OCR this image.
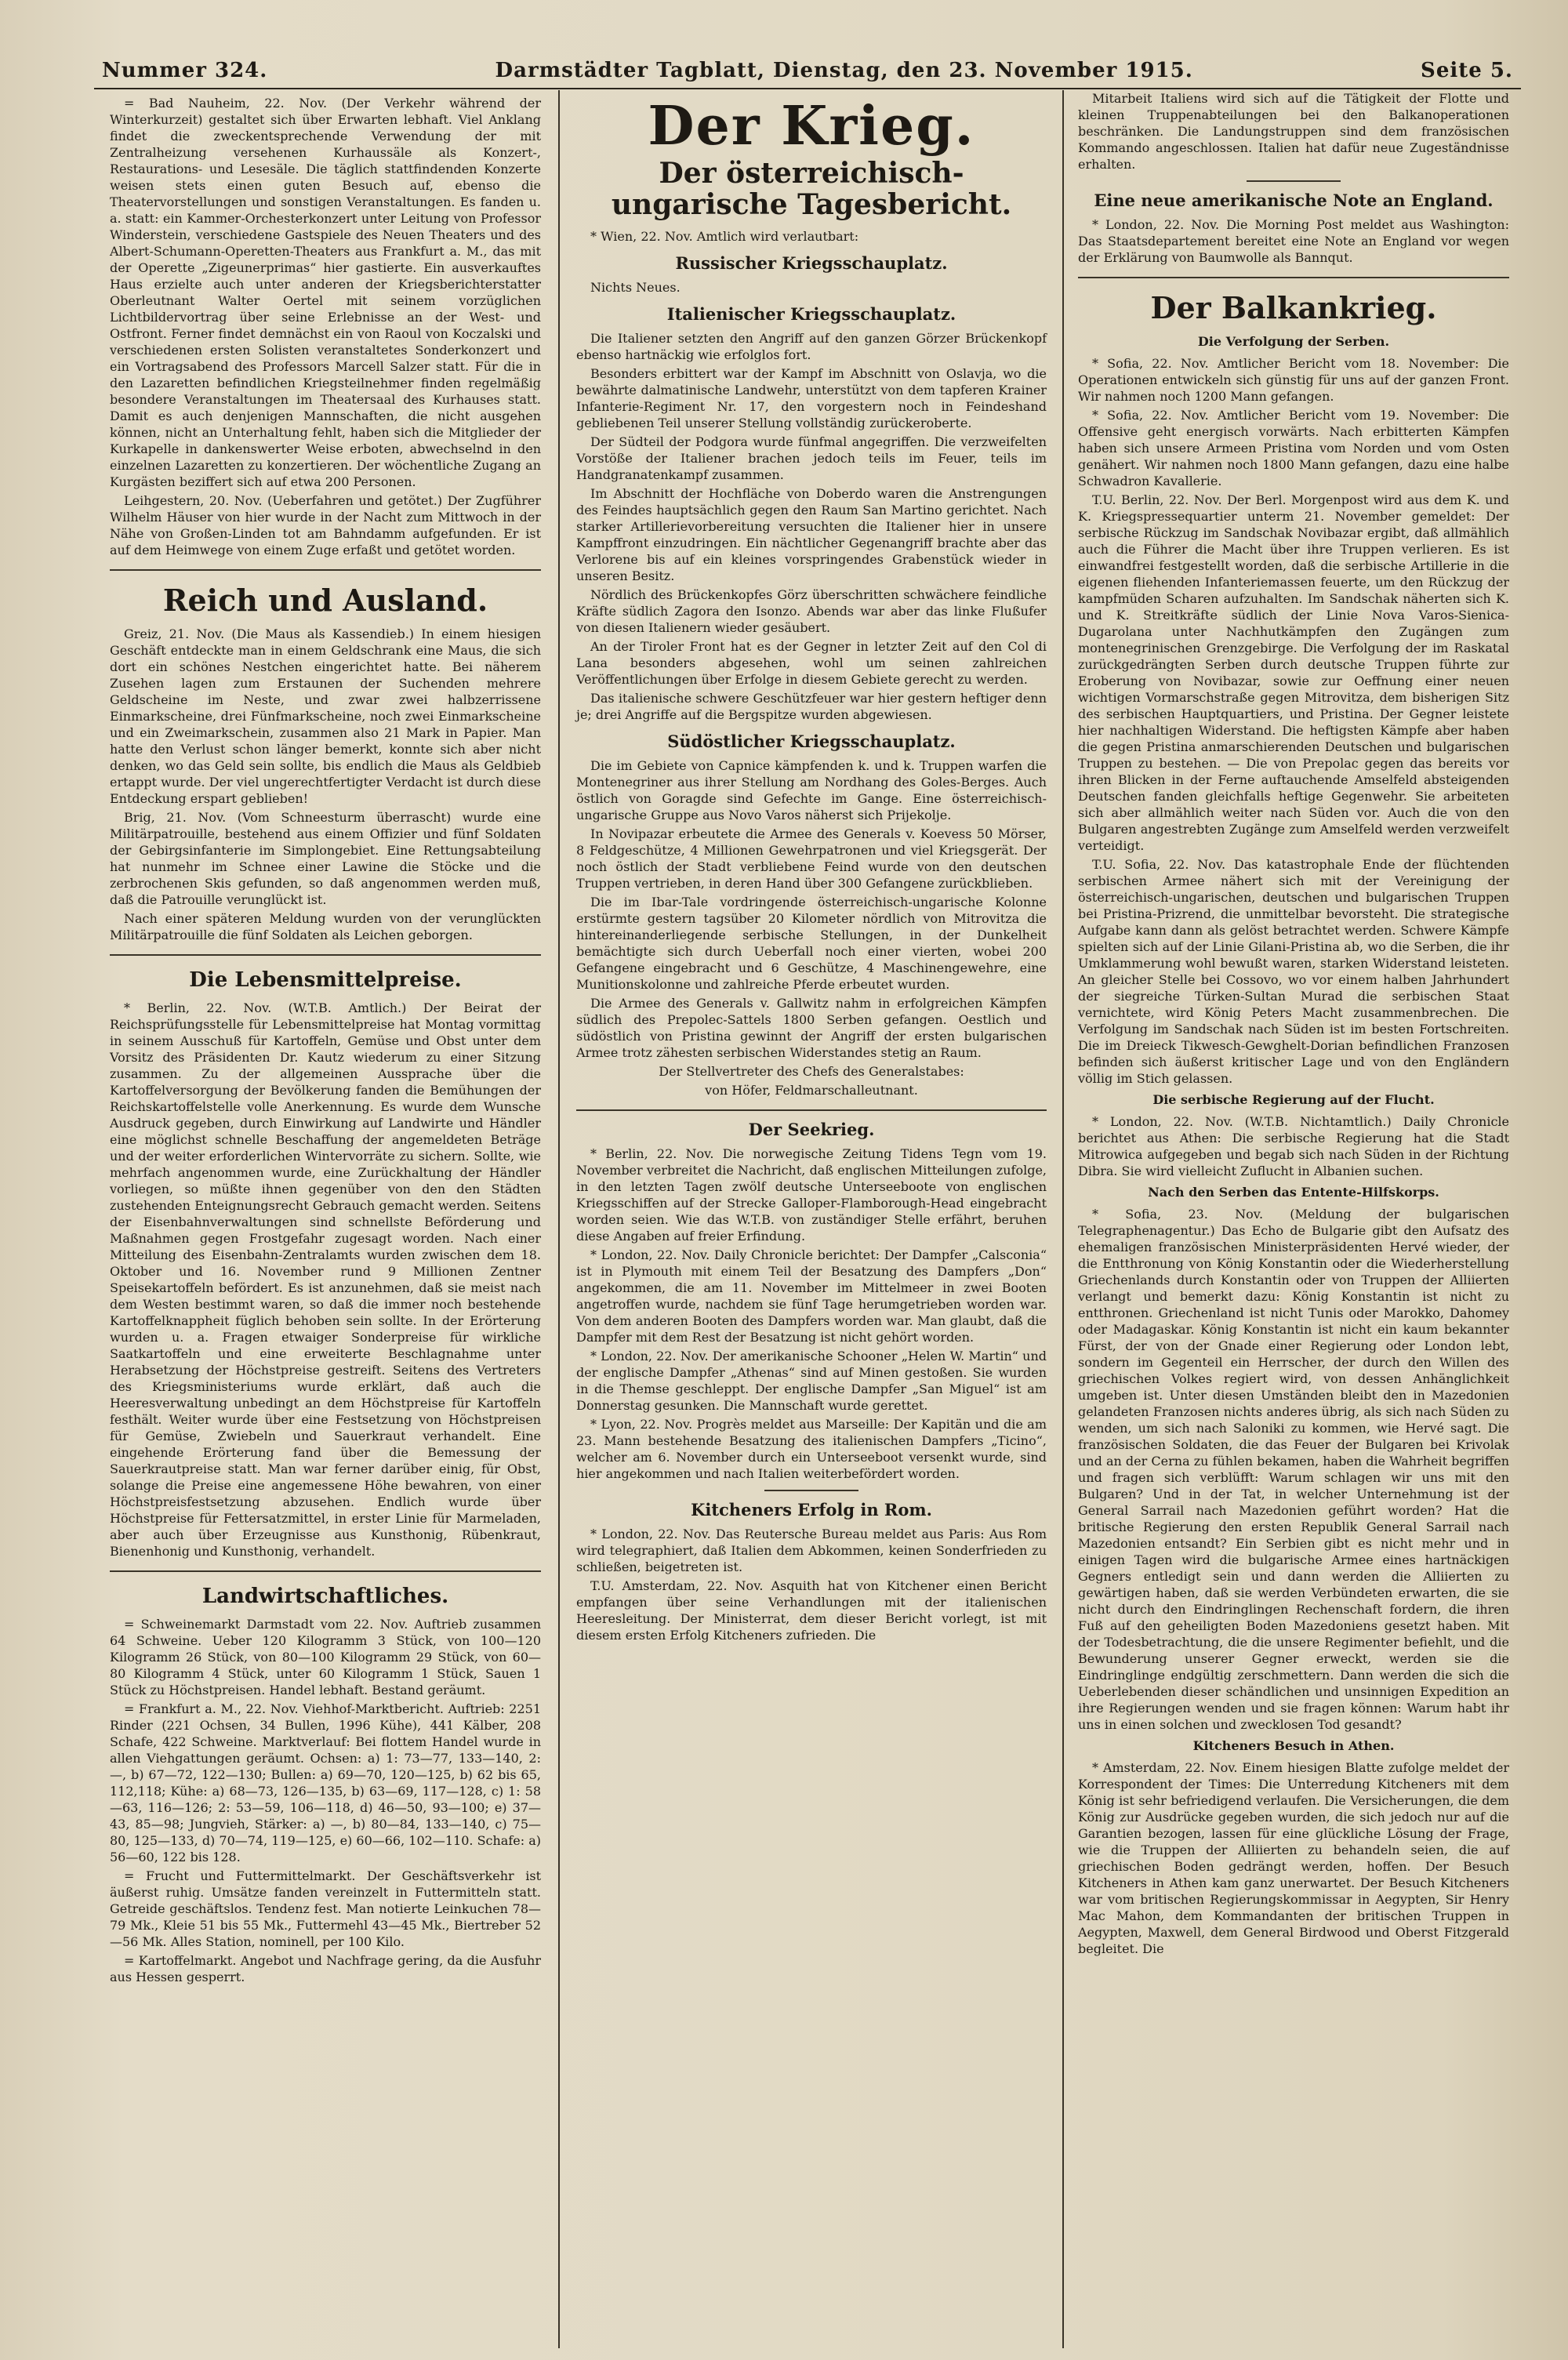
Nummer 324.	Darmstädter Tagblatt, Dienstag, den 23. November 1915.	Seite 5.

= Bad Nauheim, 22. Nov. (Der Verkehr während der Winterkurzeit) gestaltet sich über Erwarten lebhaft. Viel Anklang findet die zweckentsprechende Verwendung der mit Zentralheizung versehenen Kurhaussäle als Konzert-, Restaurations- und Lesesäle. Die täglich stattfindenden Konzerte weisen stets einen guten Besuch auf, ebenso die Theatervorstellungen und sonstigen Veranstaltungen. Es fanden u. a. statt: ein Kammer-Orchesterkonzert unter Leitung von Professor Winderstein, verschiedene Gastspiele des Neuen Theaters und des Albert-Schumann-Operetten-Theaters aus Frankfurt a. M., das mit der Operette „Zigeunerprimas“ hier gastierte. Ein ausverkauftes Haus erzielte auch unter anderen der Kriegsberichterstatter Oberleutnant Walter Oertel mit seinem vorzüglichen Lichtbildervortrag über seine Erlebnisse an der West- und Ostfront. Ferner findet demnächst ein von Raoul von Koczalski und verschiedenen ersten Solisten veranstaltetes Sonderkonzert und ein Vortragsabend des Professors Marcell Salzer statt. Für die in den Lazaretten befindlichen Kriegsteilnehmer finden regelmäßig besondere Veranstaltungen im Theatersaal des Kurhauses statt. Damit es auch denjenigen Mannschaften, die nicht ausgehen können, nicht an Unterhaltung fehlt, haben sich die Mitglieder der Kurkapelle in dankenswerter Weise erboten, abwechselnd in den einzelnen Lazaretten zu konzertieren. Der wöchentliche Zugang an Kurgästen beziffert sich auf etwa 200 Personen.

Leihgestern, 20. Nov. (Ueberfahren und getötet.) Der Zugführer Wilhelm Häuser von hier wurde in der Nacht zum Mittwoch in der Nähe von Großen-Linden tot am Bahndamm aufgefunden. Er ist auf dem Heimwege von einem Zuge erfaßt und getötet worden.

Reich und Ausland.

Greiz, 21. Nov. (Die Maus als Kassendieb.) In einem hiesigen Geschäft entdeckte man in einem Geldschrank eine Maus, die sich dort ein schönes Nestchen eingerichtet hatte. Bei näherem Zusehen lagen zum Erstaunen der Suchenden mehrere Geldscheine im Neste, und zwar zwei halbzerrissene Einmarkscheine, drei Fünfmarkscheine, noch zwei Einmarkscheine und ein Zweimarkschein, zusammen also 21 Mark in Papier. Man hatte den Verlust schon länger bemerkt, konnte sich aber nicht denken, wo das Geld sein sollte, bis endlich die Maus als Geldbieb ertappt wurde. Der viel ungerechtfertigter Verdacht ist durch diese Entdeckung erspart geblieben!

Brig, 21. Nov. (Vom Schneesturm überrascht) wurde eine Militärpatrouille, bestehend aus einem Offizier und fünf Soldaten der Gebirgsinfanterie im Simplongebiet. Eine Rettungsabteilung hat nunmehr im Schnee einer Lawine die Stöcke und die zerbrochenen Skis gefunden, so daß angenommen werden muß, daß die Patrouille verunglückt ist.

Nach einer späteren Meldung wurden von der verunglückten Militärpatrouille die fünf Soldaten als Leichen geborgen.

Die Lebensmittelpreise.

* Berlin, 22. Nov. (W.T.B. Amtlich.) Der Beirat der Reichsprüfungsstelle für Lebensmittelpreise hat Montag vormittag in seinem Ausschuß für Kartoffeln, Gemüse und Obst unter dem Vorsitz des Präsidenten Dr. Kautz wiederum zu einer Sitzung zusammen. Zu der allgemeinen Aussprache über die Kartoffelversorgung der Bevölkerung fanden die Bemühungen der Reichskartoffelstelle volle Anerkennung. Es wurde dem Wunsche Ausdruck gegeben, durch Einwirkung auf Landwirte und Händler eine möglichst schnelle Beschaffung der angemeldeten Beträge und der weiter erforderlichen Wintervorräte zu sichern. Sollte, wie mehrfach angenommen wurde, eine Zurückhaltung der Händler vorliegen, so müßte ihnen gegenüber von den den Städten zustehenden Enteignungsrecht Gebrauch gemacht werden. Seitens der Eisenbahnverwaltungen sind schnellste Beförderung und Maßnahmen gegen Frostgefahr zugesagt worden. Nach einer Mitteilung des Eisenbahn-Zentralamts wurden zwischen dem 18. Oktober und 16. November rund 9 Millionen Zentner Speisekartoffeln befördert. Es ist anzunehmen, daß sie meist nach dem Westen bestimmt waren, so daß die immer noch bestehende Kartoffelknappheit füglich behoben sein sollte. In der Erörterung wurden u. a. Fragen etwaiger Sonderpreise für wirkliche Saatkartoffeln und eine erweiterte Beschlagnahme unter Herabsetzung der Höchstpreise gestreift. Seitens des Vertreters des Kriegsministeriums wurde erklärt, daß auch die Heeresverwaltung unbedingt an dem Höchstpreise für Kartoffeln festhält. Weiter wurde über eine Festsetzung von Höchstpreisen für Gemüse, Zwiebeln und Sauerkraut verhandelt. Eine eingehende Erörterung fand über die Bemessung der Sauerkrautpreise statt. Man war ferner darüber einig, für Obst, solange die Preise eine angemessene Höhe bewahren, von einer Höchstpreisfestsetzung abzusehen. Endlich wurde über Höchstpreise für Fettersatzmittel, in erster Linie für Marmeladen, aber auch über Erzeugnisse aus Kunsthonig, Rübenkraut, Bienenhonig und Kunsthonig, verhandelt.

Landwirtschaftliches.

= Schweinemarkt Darmstadt vom 22. Nov. Auftrieb zusammen 64 Schweine. Ueber 120 Kilogramm 3 Stück, von 100—120 Kilogramm 26 Stück, von 80—100 Kilogramm 29 Stück, von 60—80 Kilogramm 4 Stück, unter 60 Kilogramm 1 Stück, Sauen 1 Stück zu Höchstpreisen. Handel lebhaft. Bestand geräumt.

= Frankfurt a. M., 22. Nov. Viehhof-Marktbericht. Auftrieb: 2251 Rinder (221 Ochsen, 34 Bullen, 1996 Kühe), 441 Kälber, 208 Schafe, 422 Schweine. Marktverlauf: Bei flottem Handel wurde in allen Viehgattungen geräumt. Ochsen: a) 1: 73—77, 133—140, 2: —, b) 67—72, 122—130; Bullen: a) 69—70, 120—125, b) 62 bis 65, 112,118; Kühe: a) 68—73, 126—135, b) 63—69, 117—128, c) 1: 58—63, 116—126; 2: 53—59, 106—118, d) 46—50, 93—100; e) 37—43, 85—98; Jungvieh, Stärker: a) —, b) 80—84, 133—140, c) 75—80, 125—133, d) 70—74, 119—125, e) 60—66, 102—110. Schafe: a) 56—60, 122 bis 128.

= Frucht und Futtermittelmarkt. Der Geschäftsverkehr ist äußerst ruhig. Umsätze fanden vereinzelt in Futtermitteln statt. Getreide geschäftslos. Tendenz fest. Man notierte Leinkuchen 78—79 Mk., Kleie 51 bis 55 Mk., Futtermehl 43—45 Mk., Biertreber 52—56 Mk. Alles Station, nominell, per 100 Kilo.

= Kartoffelmarkt. Angebot und Nachfrage gering, da die Ausfuhr aus Hessen gesperrt.

Der Krieg.
Der österreichisch-ungarische Tagesbericht.

* Wien, 22. Nov. Amtlich wird verlautbart:

Russischer Kriegsschauplatz.

Nichts Neues.

Italienischer Kriegsschauplatz.

Die Italiener setzten den Angriff auf den ganzen Görzer Brückenkopf ebenso hartnäckig wie erfolglos fort.

Besonders erbittert war der Kampf im Abschnitt von Oslavja, wo die bewährte dalmatinische Landwehr, unterstützt von dem tapferen Krainer Infanterie-Regiment Nr. 17, den vorgestern noch in Feindeshand gebliebenen Teil unserer Stellung vollständig zurückeroberte.

Der Südteil der Podgora wurde fünfmal angegriffen. Die verzweifelten Vorstöße der Italiener brachen jedoch teils im Feuer, teils im Handgranatenkampf zusammen.

Im Abschnitt der Hochfläche von Doberdo waren die Anstrengungen des Feindes hauptsächlich gegen den Raum San Martino gerichtet. Nach starker Artillerievorbereitung versuchten die Italiener hier in unsere Kampffront einzudringen. Ein nächtlicher Gegenangriff brachte aber das Verlorene bis auf ein kleines vorspringendes Grabenstück wieder in unseren Besitz.

Nördlich des Brückenkopfes Görz überschritten schwächere feindliche Kräfte südlich Zagora den Isonzo. Abends war aber das linke Flußufer von diesen Italienern wieder gesäubert.

An der Tiroler Front hat es der Gegner in letzter Zeit auf den Col di Lana besonders abgesehen, wohl um seinen zahlreichen Veröffentlichungen über Erfolge in diesem Gebiete gerecht zu werden.

Das italienische schwere Geschützfeuer war hier gestern heftiger denn je; drei Angriffe auf die Bergspitze wurden abgewiesen.

Südöstlicher Kriegsschauplatz.

Die im Gebiete von Capnice kämpfenden k. und k. Truppen warfen die Montenegriner aus ihrer Stellung am Nordhang des Goles-Berges. Auch östlich von Goragde sind Gefechte im Gange. Eine österreichisch-ungarische Gruppe aus Novo Varos näherst sich Prijekolje.

In Novipazar erbeutete die Armee des Generals v. Koevess 50 Mörser, 8 Feldgeschütze, 4 Millionen Gewehrpatronen und viel Kriegsgerät. Der noch östlich der Stadt verbliebene Feind wurde von den deutschen Truppen vertrieben, in deren Hand über 300 Gefangene zurückblieben.

Die im Ibar-Tale vordringende österreichisch-ungarische Kolonne erstürmte gestern tagsüber 20 Kilometer nördlich von Mitrovitza die hintereinanderliegende serbische Stellungen, in der Dunkelheit bemächtigte sich durch Ueberfall noch einer vierten, wobei 200 Gefangene eingebracht und 6 Geschütze, 4 Maschinengewehre, eine Munitionskolonne und zahlreiche Pferde erbeutet wurden.

Die Armee des Generals v. Gallwitz nahm in erfolgreichen Kämpfen südlich des Prepolec-Sattels 1800 Serben gefangen. Oestlich und südöstlich von Pristina gewinnt der Angriff der ersten bulgarischen Armee trotz zähesten serbischen Widerstandes stetig an Raum.

Der Stellvertreter des Chefs des Generalstabes:

von Höfer, Feldmarschalleutnant.

Der Seekrieg.

* Berlin, 22. Nov. Die norwegische Zeitung Tidens Tegn vom 19. November verbreitet die Nachricht, daß englischen Mitteilungen zufolge, in den letzten Tagen zwölf deutsche Unterseeboote von englischen Kriegsschiffen auf der Strecke Galloper-Flamborough-Head eingebracht worden seien. Wie das W.T.B. von zuständiger Stelle erfährt, beruhen diese Angaben auf freier Erfindung.

* London, 22. Nov. Daily Chronicle berichtet: Der Dampfer „Calsconia“ ist in Plymouth mit einem Teil der Besatzung des Dampfers „Don“ angekommen, die am 11. November im Mittelmeer in zwei Booten angetroffen wurde, nachdem sie fünf Tage herumgetrieben worden war. Von dem anderen Booten des Dampfers worden war. Man glaubt, daß die Dampfer mit dem Rest der Besatzung ist nicht gehört worden.

* London, 22. Nov. Der amerikanische Schooner „Helen W. Martin“ und der englische Dampfer „Athenas“ sind auf Minen gestoßen. Sie wurden in die Themse geschleppt. Der englische Dampfer „San Miguel“ ist am Donnerstag gesunken. Die Mannschaft wurde gerettet.

* Lyon, 22. Nov. Progrès meldet aus Marseille: Der Kapitän und die am 23. Mann bestehende Besatzung des italienischen Dampfers „Ticino“, welcher am 6. November durch ein Unterseeboot versenkt wurde, sind hier angekommen und nach Italien weiterbefördert worden.

Kitcheners Erfolg in Rom.

* London, 22. Nov. Das Reutersche Bureau meldet aus Paris: Aus Rom wird telegraphiert, daß Italien dem Abkommen, keinen Sonderfrieden zu schließen, beigetreten ist.

T.U. Amsterdam, 22. Nov. Asquith hat von Kitchener einen Bericht empfangen über seine Verhandlungen mit der italienischen Heeresleitung. Der Ministerrat, dem dieser Bericht vorlegt, ist mit diesem ersten Erfolg Kitcheners zufrieden. Die

Mitarbeit Italiens wird sich auf die Tätigkeit der Flotte und kleinen Truppenabteilungen bei den Balkanoperationen beschränken. Die Landungstruppen sind dem französischen Kommando angeschlossen. Italien hat dafür neue Zugeständnisse erhalten.

Eine neue amerikanische Note an England.

* London, 22. Nov. Die Morning Post meldet aus Washington: Das Staatsdepartement bereitet eine Note an England vor wegen der Erklärung von Baumwolle als Bannqut.

Der Balkankrieg.
Die Verfolgung der Serben.

* Sofia, 22. Nov. Amtlicher Bericht vom 18. November: Die Operationen entwickeln sich günstig für uns auf der ganzen Front. Wir nahmen noch 1200 Mann gefangen.

* Sofia, 22. Nov. Amtlicher Bericht vom 19. November: Die Offensive geht energisch vorwärts. Nach erbitterten Kämpfen haben sich unsere Armeen Pristina vom Norden und vom Osten genähert. Wir nahmen noch 1800 Mann gefangen, dazu eine halbe Schwadron Kavallerie.

T.U. Berlin, 22. Nov. Der Berl. Morgenpost wird aus dem K. und K. Kriegspressequartier unterm 21. November gemeldet: Der serbische Rückzug im Sandschak Novibazar ergibt, daß allmählich auch die Führer die Macht über ihre Truppen verlieren. Es ist einwandfrei festgestellt worden, daß die serbische Artillerie in die eigenen fliehenden Infanteriemassen feuerte, um den Rückzug der kampfmüden Scharen aufzuhalten. Im Sandschak näherten sich K. und K. Streitkräfte südlich der Linie Nova Varos-Sienica-Dugarolana unter Nachhutkämpfen den Zugängen zum montenegrinischen Grenzgebirge. Die Verfolgung der im Raskatal zurückgedrängten Serben durch deutsche Truppen führte zur Eroberung von Novibazar, sowie zur Oeffnung einer neuen wichtigen Vormarschstraße gegen Mitrovitza, dem bisherigen Sitz des serbischen Hauptquartiers, und Pristina. Der Gegner leistete hier nachhaltigen Widerstand. Die heftigsten Kämpfe aber haben die gegen Pristina anmarschierenden Deutschen und bulgarischen Truppen zu bestehen. — Die von Prepolac gegen das bereits vor ihren Blicken in der Ferne auftauchende Amselfeld absteigenden Deutschen fanden gleichfalls heftige Gegenwehr. Sie arbeiteten sich aber allmählich weiter nach Süden vor. Auch die von den Bulgaren angestrebten Zugänge zum Amselfeld werden verzweifelt verteidigt.

T.U. Sofia, 22. Nov. Das katastrophale Ende der flüchtenden serbischen Armee nähert sich mit der Vereinigung der österreichisch-ungarischen, deutschen und bulgarischen Truppen bei Pristina-Prizrend, die unmittelbar bevorsteht. Die strategische Aufgabe kann dann als gelöst betrachtet werden. Schwere Kämpfe spielten sich auf der Linie Gilani-Pristina ab, wo die Serben, die ihr Umklammerung wohl bewußt waren, starken Widerstand leisteten. An gleicher Stelle bei Cossovo, wo vor einem halben Jahrhundert der siegreiche Türken-Sultan Murad die serbischen Staat vernichtete, wird König Peters Macht zusammenbrechen. Die Verfolgung im Sandschak nach Süden ist im besten Fortschreiten. Die im Dreieck Tikwesch-Gewghelt-Dorian befindlichen Franzosen befinden sich äußerst kritischer Lage und von den Engländern völlig im Stich gelassen.

Die serbische Regierung auf der Flucht.

* London, 22. Nov. (W.T.B. Nichtamtlich.) Daily Chronicle berichtet aus Athen: Die serbische Regierung hat die Stadt Mitrowica aufgegeben und begab sich nach Süden in der Richtung Dibra. Sie wird vielleicht Zuflucht in Albanien suchen.

Nach den Serben das Entente-Hilfskorps.

* Sofia, 23. Nov. (Meldung der bulgarischen Telegraphenagentur.) Das Echo de Bulgarie gibt den Aufsatz des ehemaligen französischen Ministerpräsidenten Hervé wieder, der die Entthronung von König Konstantin oder die Wiederherstellung Griechenlands durch Konstantin oder von Truppen der Alliierten verlangt und bemerkt dazu: König Konstantin ist nicht zu entthronen. Griechenland ist nicht Tunis oder Marokko, Dahomey oder Madagaskar. König Konstantin ist nicht ein kaum bekannter Fürst, der von der Gnade einer Regierung oder London lebt, sondern im Gegenteil ein Herrscher, der durch den Willen des griechischen Volkes regiert wird, von dessen Anhänglichkeit umgeben ist. Unter diesen Umständen bleibt den in Mazedonien gelandeten Franzosen nichts anderes übrig, als sich nach Süden zu wenden, um sich nach Saloniki zu kommen, wie Hervé sagt. Die französischen Soldaten, die das Feuer der Bulgaren bei Krivolak und an der Cerna zu fühlen bekamen, haben die Wahrheit begriffen und fragen sich verblüfft: Warum schlagen wir uns mit den Bulgaren? Und in der Tat, in welcher Unternehmung ist der General Sarrail nach Mazedonien geführt worden? Hat die britische Regierung den ersten Republik General Sarrail nach Mazedonien entsandt? Ein Serbien gibt es nicht mehr und in einigen Tagen wird die bulgarische Armee eines hartnäckigen Gegners entledigt sein und dann werden die Alliierten zu gewärtigen haben, daß sie werden Verbündeten erwarten, die sie nicht durch den Eindringlingen Rechenschaft fordern, die ihren Fuß auf den geheiligten Boden Mazedoniens gesetzt haben. Mit der Todesbetrachtung, die die unsere Regimenter befiehlt, und die Bewunderung unserer Gegner erweckt, werden sie die Eindringlinge endgültig zerschmettern. Dann werden die sich die Ueberlebenden dieser schändlichen und unsinnigen Expedition an ihre Regierungen wenden und sie fragen können: Warum habt ihr uns in einen solchen und zwecklosen Tod gesandt?

Kitcheners Besuch in Athen.

* Amsterdam, 22. Nov. Einem hiesigen Blatte zufolge meldet der Korrespondent der Times: Die Unterredung Kitcheners mit dem König ist sehr befriedigend verlaufen. Die Versicherungen, die dem König zur Ausdrücke gegeben wurden, die sich jedoch nur auf die Garantien bezogen, lassen für eine glückliche Lösung der Frage, wie die Truppen der Alliierten zu behandeln seien, die auf griechischen Boden gedrängt werden, hoffen. Der Besuch Kitcheners in Athen kam ganz unerwartet. Der Besuch Kitcheners war vom britischen Regierungskommissar in Aegypten, Sir Henry Mac Mahon, dem Kommandanten der britischen Truppen in Aegypten, Maxwell, dem General Birdwood und Oberst Fitzgerald begleitet. Die
